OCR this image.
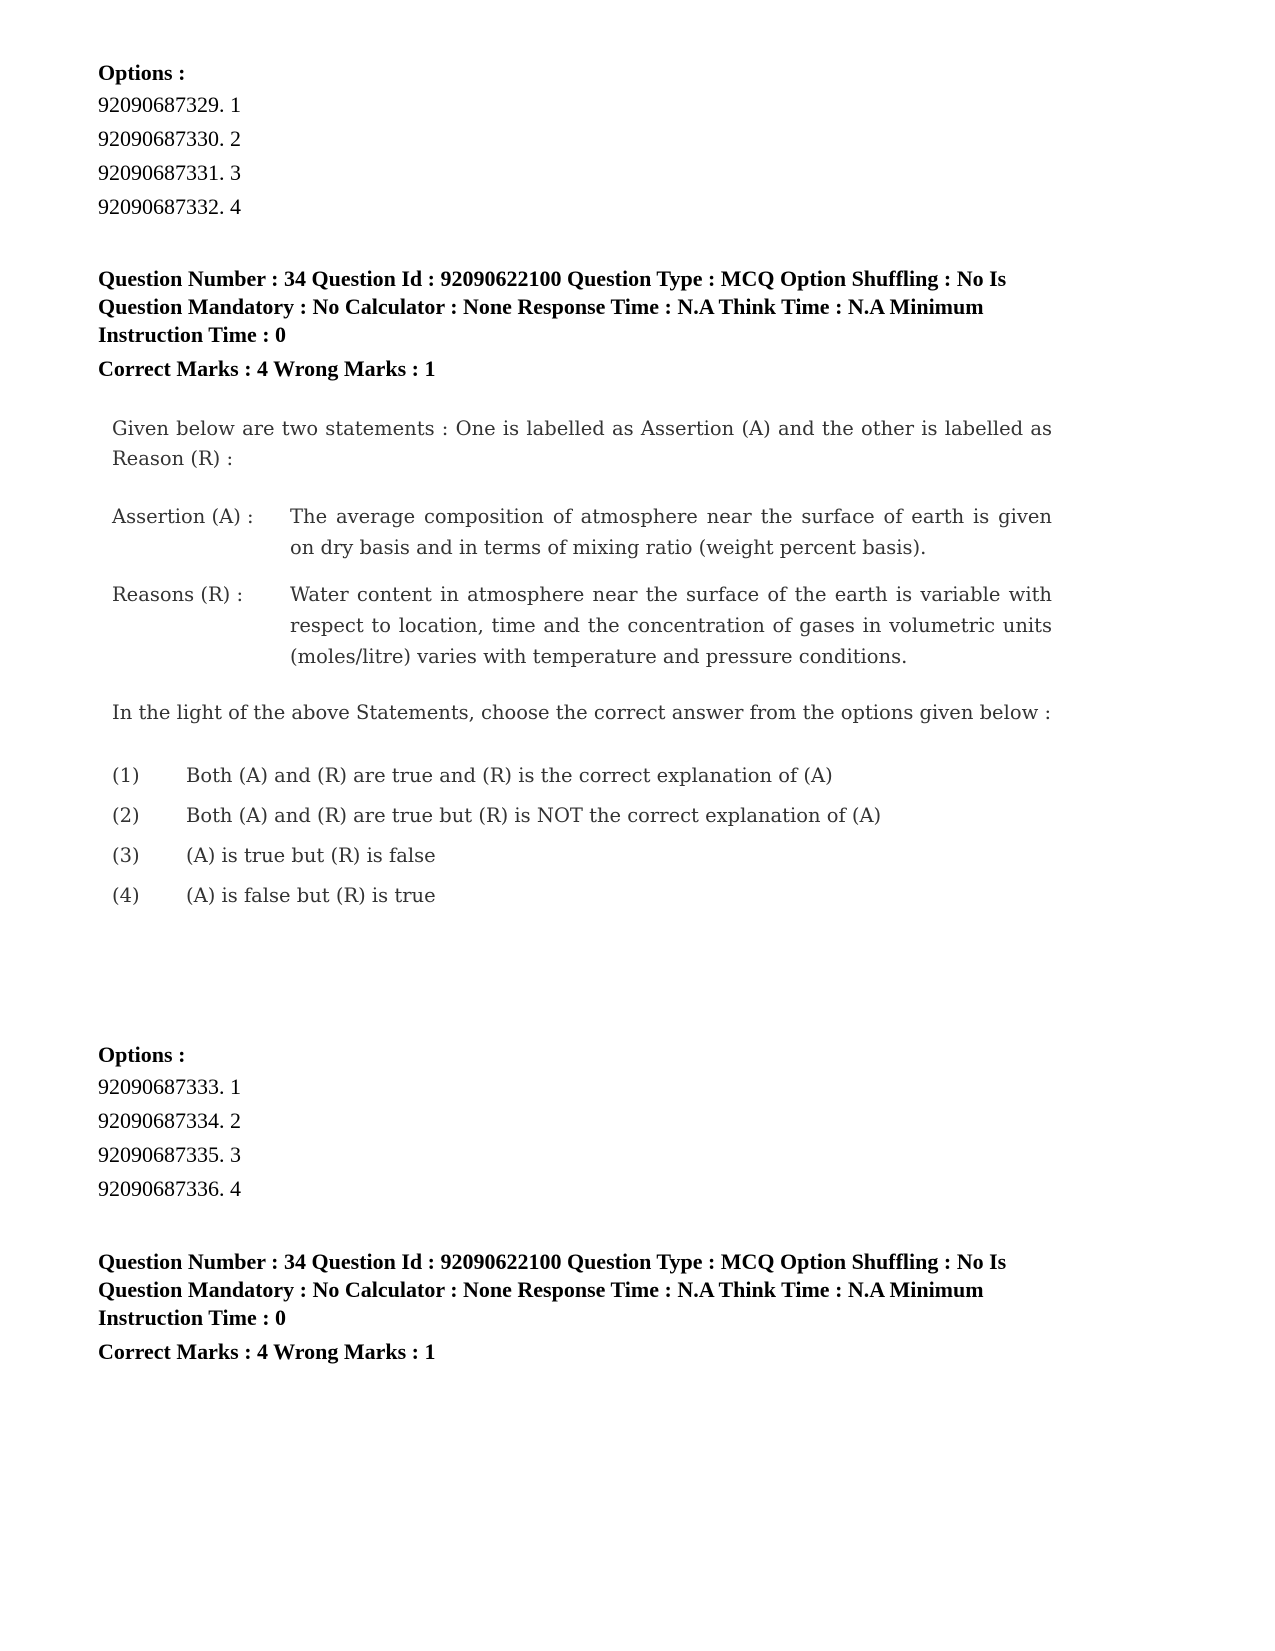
Options :

92090687329. 1

92090687330. 2

92090687331. 3

92090687332. 4

Question Number : 34 Question Id : 92090622100 Question Type : MCQ Option Shuffling : No Is

Question Mandatory : No Calculator : None Response Time : N.A Think Time : N.A Minimum

Instruction Time : 0

Correct Marks : 4 Wrong Marks : 1

Given below are two statements : One is labelled as Assertion (A) and the other is labelled as Reason (R) :

Assertion (A) :	The average composition of atmosphere near the surface of earth is given on dry basis and in terms of mixing ratio (weight percent basis).
Reasons (R) :	Water content in atmosphere near the surface of the earth is variable with respect to location, time and the concentration of gases in volumetric units (moles/litre) varies with temperature and pressure conditions.

In the light of the above Statements, choose the correct answer from the options given below :

(1)	Both (A) and (R) are true and (R) is the correct explanation of (A)
(2)	Both (A) and (R) are true but (R) is NOT the correct explanation of (A)
(3)	(A) is true but (R) is false
(4)	(A) is false but (R) is true

Options :

92090687333. 1

92090687334. 2

92090687335. 3

92090687336. 4

Question Number : 34 Question Id : 92090622100 Question Type : MCQ Option Shuffling : No Is

Question Mandatory : No Calculator : None Response Time : N.A Think Time : N.A Minimum

Instruction Time : 0

Correct Marks : 4 Wrong Marks : 1
